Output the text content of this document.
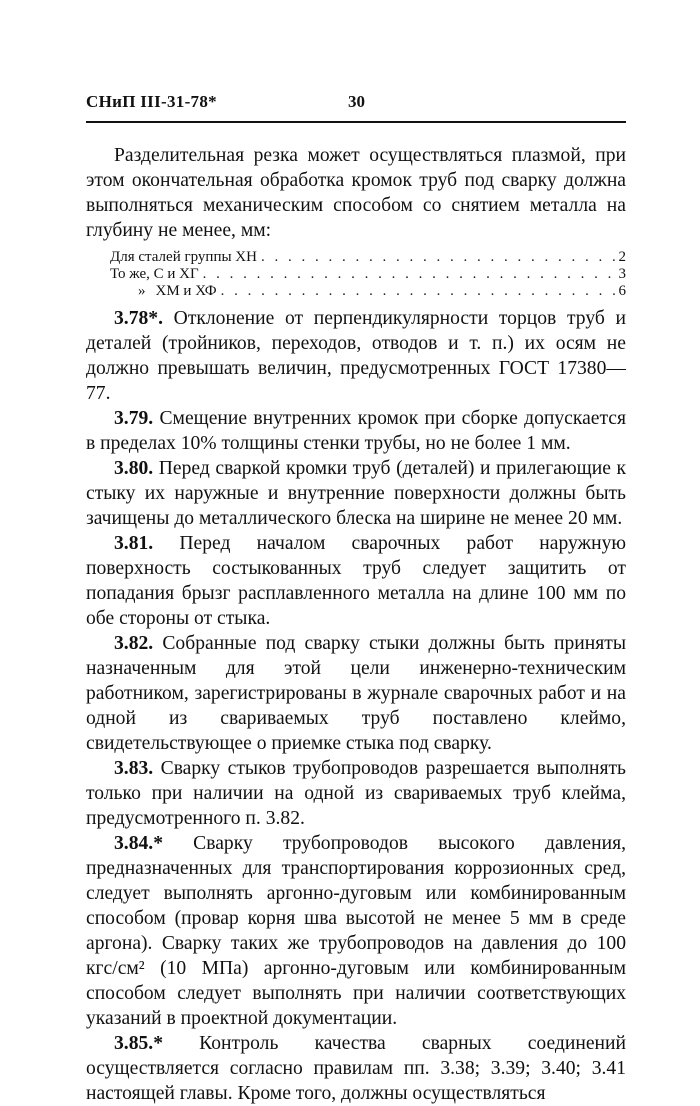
СНиП III-31-78*	30

Разделительная резка может осуществляться плазмой, при этом окончательная обработка кромок труб под сварку должна выполняться механическим способом со снятием металла на глубину не менее, мм:

Для сталей группы ХН . . .	2
То же, С и ХГ . . .	3
» ХМ и ХФ . . .	6

3.78*. Отклонение от перпендикулярности торцов труб и деталей (тройников, переходов, отводов и т. п.) их осям не должно превышать величин, предусмотренных ГОСТ 17380—77.

3.79. Смещение внутренних кромок при сборке допускается в пределах 10% толщины стенки трубы, но не более 1 мм.

3.80. Перед сваркой кромки труб (деталей) и прилегающие к стыку их наружные и внутренние поверхности должны быть зачищены до металлического блеска на ширине не менее 20 мм.

3.81. Перед началом сварочных работ наружную поверхность состыкованных труб следует защитить от попадания брызг расплавленного металла на длине 100 мм по обе стороны от стыка.

3.82. Собранные под сварку стыки должны быть приняты назначенным для этой цели инженерно-техническим работником, зарегистрированы в журнале сварочных работ и на одной из свариваемых труб поставлено клеймо, свидетельствующее о приемке стыка под сварку.

3.83. Сварку стыков трубопроводов разрешается выполнять только при наличии на одной из свариваемых труб клейма, предусмотренного п. 3.82.

3.84.* Сварку трубопроводов высокого давления, предназначенных для транспортирования коррозионных сред, следует выполнять аргонно-дуговым или комбинированным способом (провар корня шва высотой не менее 5 мм в среде аргона). Сварку таких же трубопроводов на давления до 100 кгс/см² (10 МПа) аргонно-дуговым или комбинированным способом следует выполнять при наличии соответствующих указаний в проектной документации.

3.85.* Контроль качества сварных соединений осуществляется согласно правилам пп. 3.38; 3.39; 3.40; 3.41 настоящей главы. Кроме того, должны осуществляться
